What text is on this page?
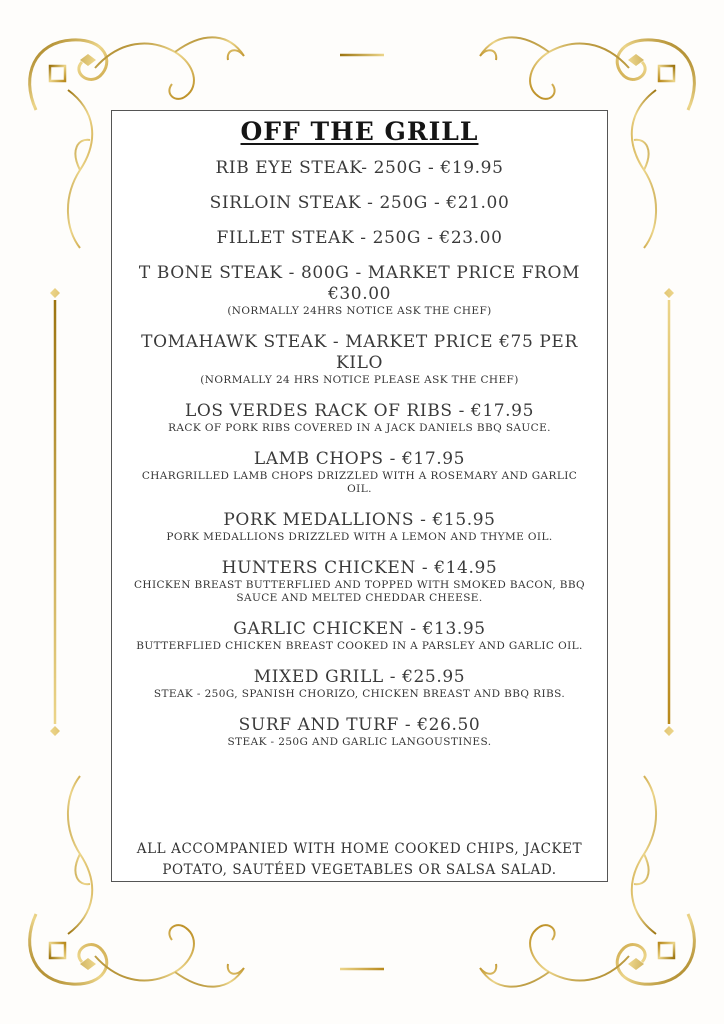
OFF THE GRILL
RIB EYE STEAK- 250G - €19.95
SIRLOIN STEAK - 250G - €21.00
FILLET STEAK - 250G - €23.00
T BONE STEAK - 800G - MARKET PRICE FROM €30.00
(NORMALLY 24HRS NOTICE ASK THE CHEF)
TOMAHAWK STEAK - MARKET PRICE €75 PER KILO
(NORMALLY 24 HRS NOTICE PLEASE ASK THE CHEF)
LOS VERDES RACK OF RIBS - €17.95
RACK OF PORK RIBS COVERED IN A JACK DANIELS BBQ SAUCE.
LAMB CHOPS - €17.95
CHARGRILLED LAMB CHOPS DRIZZLED WITH A ROSEMARY AND GARLIC OIL.
PORK MEDALLIONS - €15.95
PORK MEDALLIONS DRIZZLED WITH A LEMON AND THYME OIL.
HUNTERS CHICKEN - €14.95
CHICKEN BREAST BUTTERFLIED AND TOPPED WITH SMOKED BACON, BBQ SAUCE AND MELTED CHEDDAR CHEESE.
GARLIC CHICKEN - €13.95
BUTTERFLIED CHICKEN BREAST COOKED IN A PARSLEY AND GARLIC OIL.
MIXED GRILL - €25.95
STEAK - 250G, SPANISH CHORIZO, CHICKEN BREAST AND BBQ RIBS.
SURF AND TURF - €26.50
STEAK - 250G AND GARLIC LANGOUSTINES.
ALL ACCOMPANIED WITH HOME COOKED CHIPS, JACKET POTATO, SAUTÉED VEGETABLES OR SALSA SALAD.
